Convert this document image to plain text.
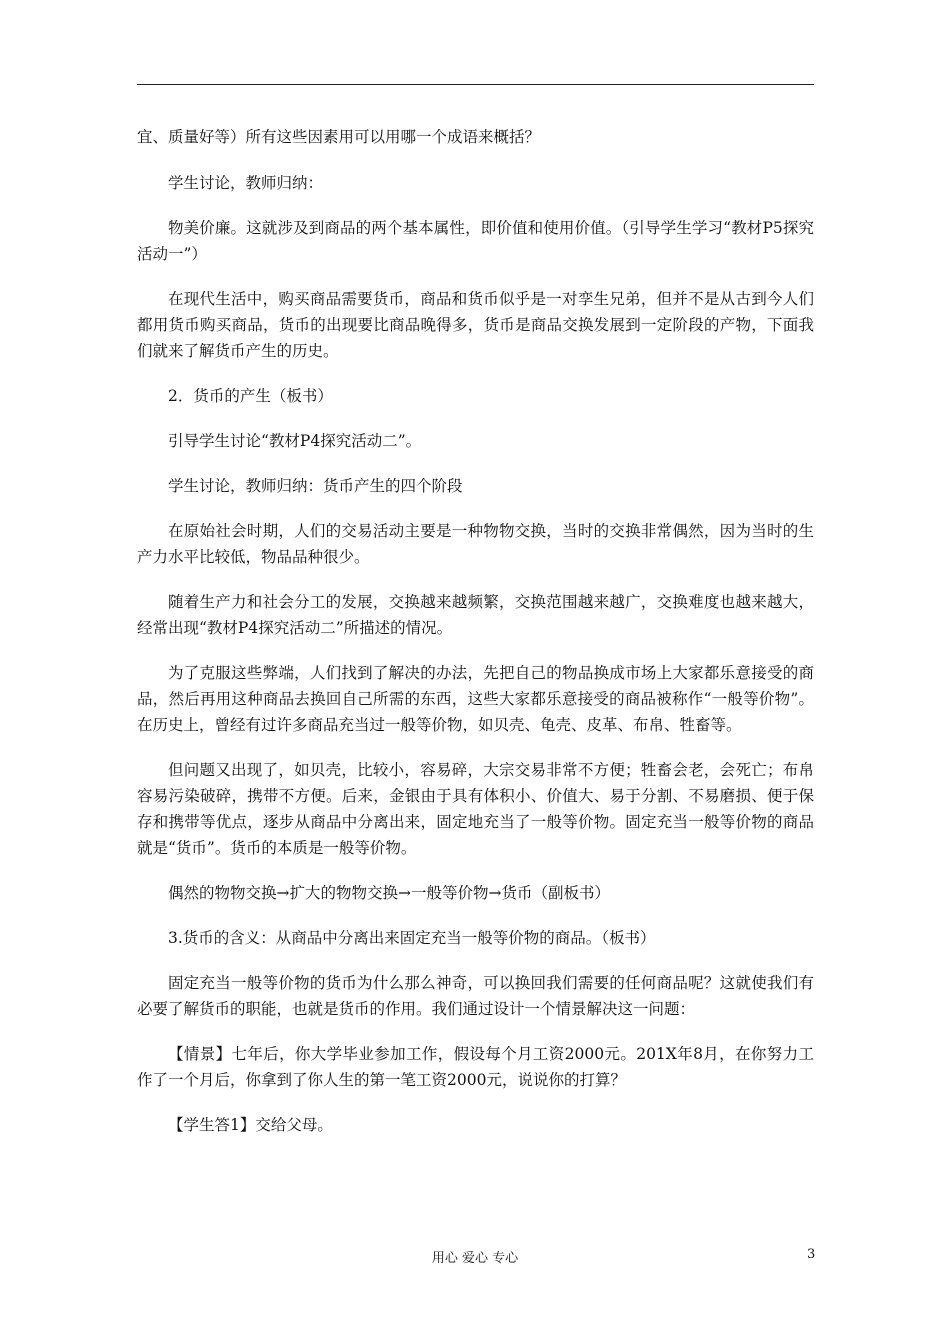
宜、质量好等）所有这些因素用可以用哪一个成语来概括？

学生讨论，教师归纳：

物美价廉。这就涉及到商品的两个基本属性，即价值和使用价值。（引导学生学习“教材P5探究活动一”）

在现代生活中，购买商品需要货币，商品和货币似乎是一对孪生兄弟，但并不是从古到今人们都用货币购买商品，货币的出现要比商品晚得多，货币是商品交换发展到一定阶段的产物，下面我们就来了解货币产生的历史。

2．货币的产生（板书）

引导学生讨论“教材P4探究活动二”。

学生讨论，教师归纳：货币产生的四个阶段

在原始社会时期，人们的交易活动主要是一种物物交换，当时的交换非常偶然，因为当时的生产力水平比较低，物品品种很少。

随着生产力和社会分工的发展，交换越来越频繁，交换范围越来越广，交换难度也越来越大，经常出现“教材P4探究活动二”所描述的情况。

为了克服这些弊端，人们找到了解决的办法，先把自己的物品换成市场上大家都乐意接受的商品，然后再用这种商品去换回自己所需的东西，这些大家都乐意接受的商品被称作“一般等价物”。在历史上，曾经有过许多商品充当过一般等价物，如贝壳、龟壳、皮革、布帛、牲畜等。

但问题又出现了，如贝壳，比较小，容易碎，大宗交易非常不方便；牲畜会老，会死亡；布帛容易污染破碎，携带不方便。后来，金银由于具有体积小、价值大、易于分割、不易磨损、便于保存和携带等优点，逐步从商品中分离出来，固定地充当了一般等价物。固定充当一般等价物的商品就是“货币”。货币的本质是一般等价物。

偶然的物物交换→扩大的物物交换→一般等价物→货币（副板书）

3.货币的含义：从商品中分离出来固定充当一般等价物的商品。（板书）

固定充当一般等价物的货币为什么那么神奇，可以换回我们需要的任何商品呢？这就使我们有必要了解货币的职能，也就是货币的作用。我们通过设计一个情景解决这一问题：

【情景】七年后，你大学毕业参加工作，假设每个月工资2000元。201X年8月，在你努力工作了一个月后，你拿到了你人生的第一笔工资2000元，说说你的打算？

【学生答1】交给父母。

用心 爱心 专心	3
